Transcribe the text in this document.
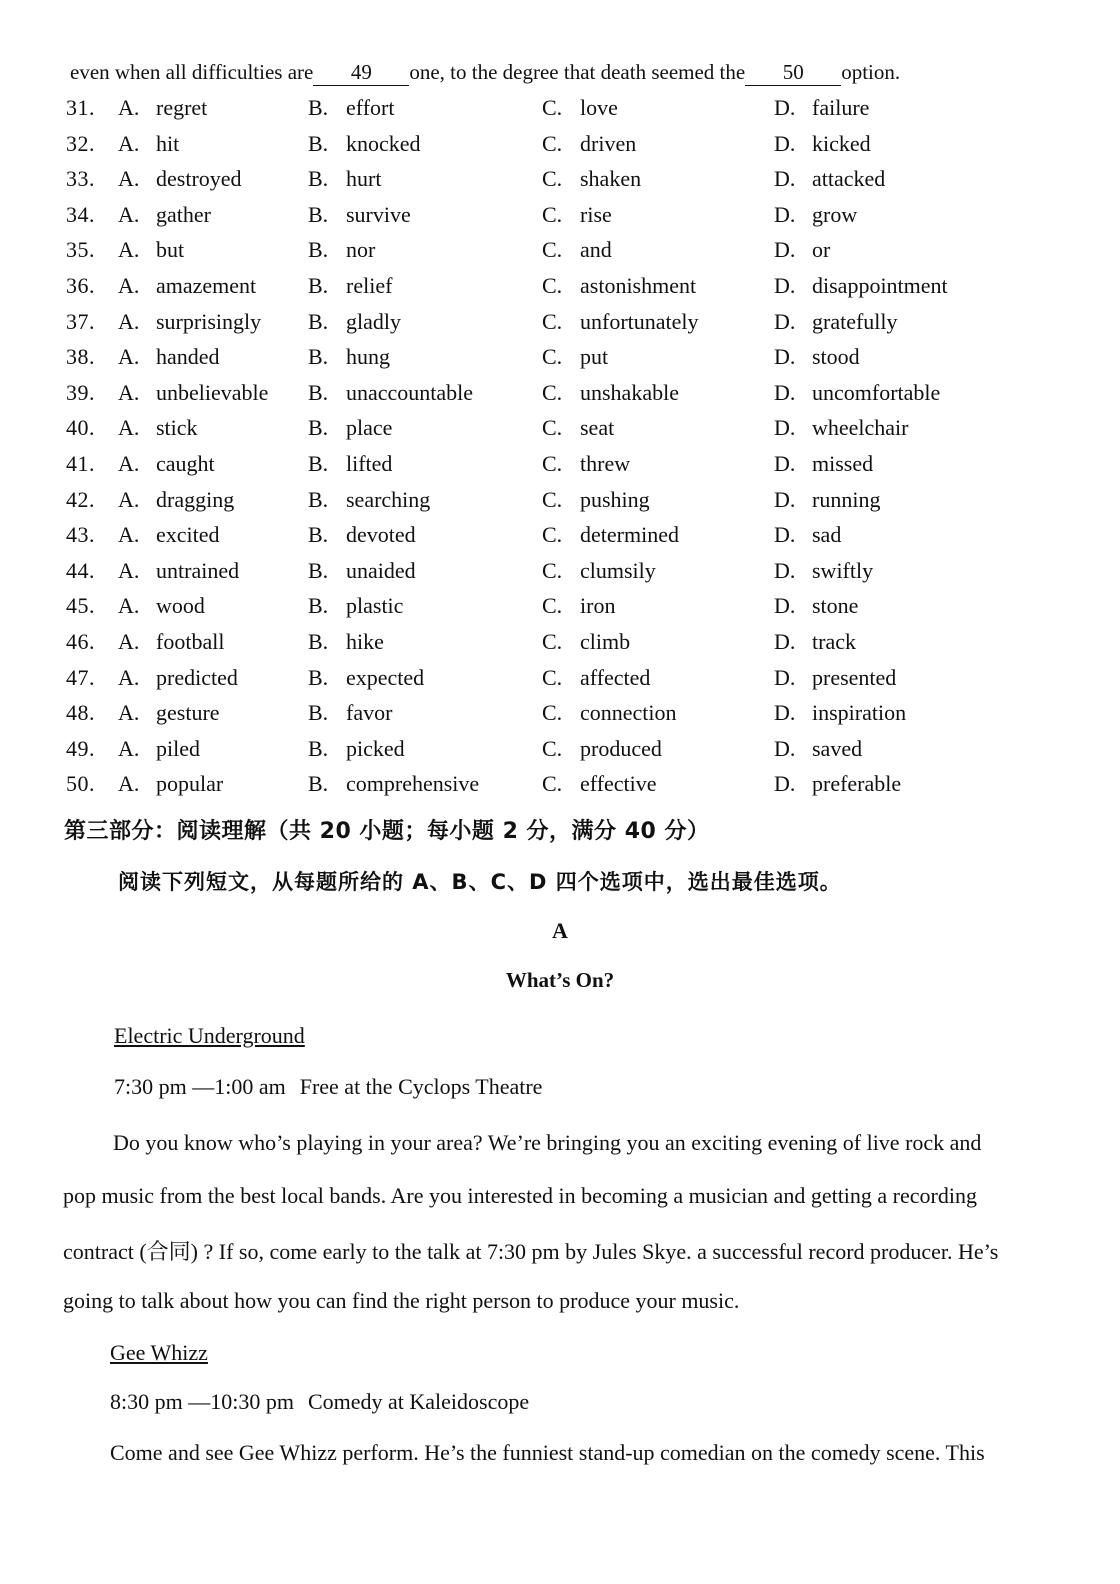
even when all difficulties are 49 one, to the degree that death seemed the 50 option.
31.	A. regret	B. effort	C. love	D. failure
32.	A. hit	B. knocked	C. driven	D. kicked
33.	A. destroyed	B. hurt	C. shaken	D. attacked
34.	A. gather	B. survive	C. rise	D. grow
35.	A. but	B. nor	C. and	D. or
36.	A. amazement B. relief	C. astonishment	D. disappointment
37.	A. surprisingly B. gladly	C. unfortunately	D. gratefully
38.	A. handed	B. hung	C. put	D. stood
39.	A. unbelievable B. unaccountable	C. unshakable	D. uncomfortable
40.	A. stick	B. place	C. seat	D. wheelchair
41.	A. caught	B. lifted	C. threw	D. missed
42.	A. dragging	B. searching	C. pushing	D. running
43.	A. excited	B. devoted	C. determined	D. sad
44.	A. untrained	B. unaided	C. clumsily	D. swiftly
45.	A. wood	B. plastic	C. iron	D. stone
46.	A. football	B. hike	C. climb	D. track
47.	A. predicted	B. expected	C. affected	D. presented
48.	A. gesture	B. favor	C. connection	D. inspiration
49.	A. piled	B. picked	C. produced	D. saved
50.	A. popular	B. comprehensive	C. effective	D. preferable
第三部分：阅读理解（共 20 小题；每小题 2 分，满分 40 分）
阅读下列短文，从每题所给的 A、B、C、D 四个选项中，选出最佳选项。
A
What’s On?
Electric Underground
7:30 pm —1:00 am Free at the Cyclops Theatre
Do you know who’s playing in your area? We’re bringing you an exciting evening of live rock and
pop music from the best local bands. Are you interested in becoming a musician and getting a recording
contract (合同) ? If so, come early to the talk at 7:30 pm by Jules Skye. a successful record producer. He’s
going to talk about how you can find the right person to produce your music.
Gee Whizz
8:30 pm —10:30 pm Comedy at Kaleidoscope
Come and see Gee Whizz perform. He’s the funniest stand-up comedian on the comedy scene. This
